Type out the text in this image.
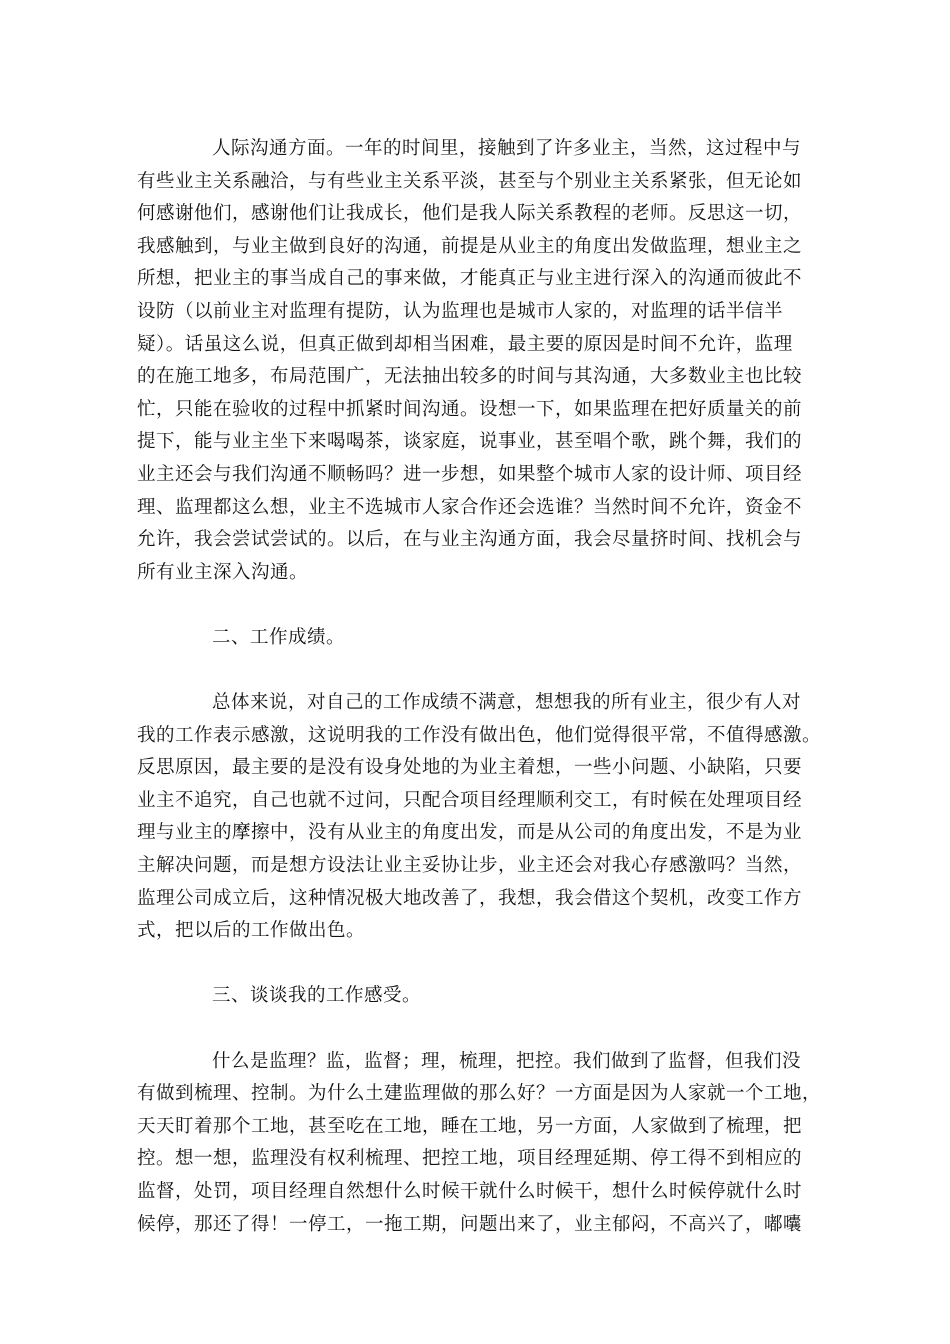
人际沟通方面。一年的时间里，接触到了许多业主，当然，这过程中与
有些业主关系融洽，与有些业主关系平淡，甚至与个别业主关系紧张，但无论如
何感谢他们，感谢他们让我成长，他们是我人际关系教程的老师。反思这一切，
我感触到，与业主做到良好的沟通，前提是从业主的角度出发做监理，想业主之
所想，把业主的事当成自己的事来做，才能真正与业主进行深入的沟通而彼此不
设防（以前业主对监理有提防，认为监理也是城市人家的，对监理的话半信半
疑）。话虽这么说，但真正做到却相当困难，最主要的原因是时间不允许，监理
的在施工地多，布局范围广，无法抽出较多的时间与其沟通，大多数业主也比较
忙，只能在验收的过程中抓紧时间沟通。设想一下，如果监理在把好质量关的前
提下，能与业主坐下来喝喝茶，谈家庭，说事业，甚至唱个歌，跳个舞，我们的
业主还会与我们沟通不顺畅吗？进一步想，如果整个城市人家的设计师、项目经
理、监理都这么想，业主不选城市人家合作还会选谁？当然时间不允许，资金不
允许，我会尝试尝试的。以后，在与业主沟通方面，我会尽量挤时间、找机会与
所有业主深入沟通。
二、工作成绩。
总体来说，对自己的工作成绩不满意，想想我的所有业主，很少有人对
我的工作表示感激，这说明我的工作没有做出色，他们觉得很平常，不值得感激。
反思原因，最主要的是没有设身处地的为业主着想，一些小问题、小缺陷，只要
业主不追究，自己也就不过问，只配合项目经理顺利交工，有时候在处理项目经
理与业主的摩擦中，没有从业主的角度出发，而是从公司的角度出发，不是为业
主解决问题，而是想方设法让业主妥协让步，业主还会对我心存感激吗？当然，
监理公司成立后，这种情况极大地改善了，我想，我会借这个契机，改变工作方
式，把以后的工作做出色。
三、谈谈我的工作感受。
什么是监理？监，监督；理，梳理，把控。我们做到了监督，但我们没
有做到梳理、控制。为什么土建监理做的那么好？一方面是因为人家就一个工地，
天天盯着那个工地，甚至吃在工地，睡在工地，另一方面，人家做到了梳理，把
控。想一想，监理没有权利梳理、把控工地，项目经理延期、停工得不到相应的
监督，处罚，项目经理自然想什么时候干就什么时候干，想什么时候停就什么时
候停，那还了得！一停工，一拖工期，问题出来了，业主郁闷，不高兴了，嘟囔
